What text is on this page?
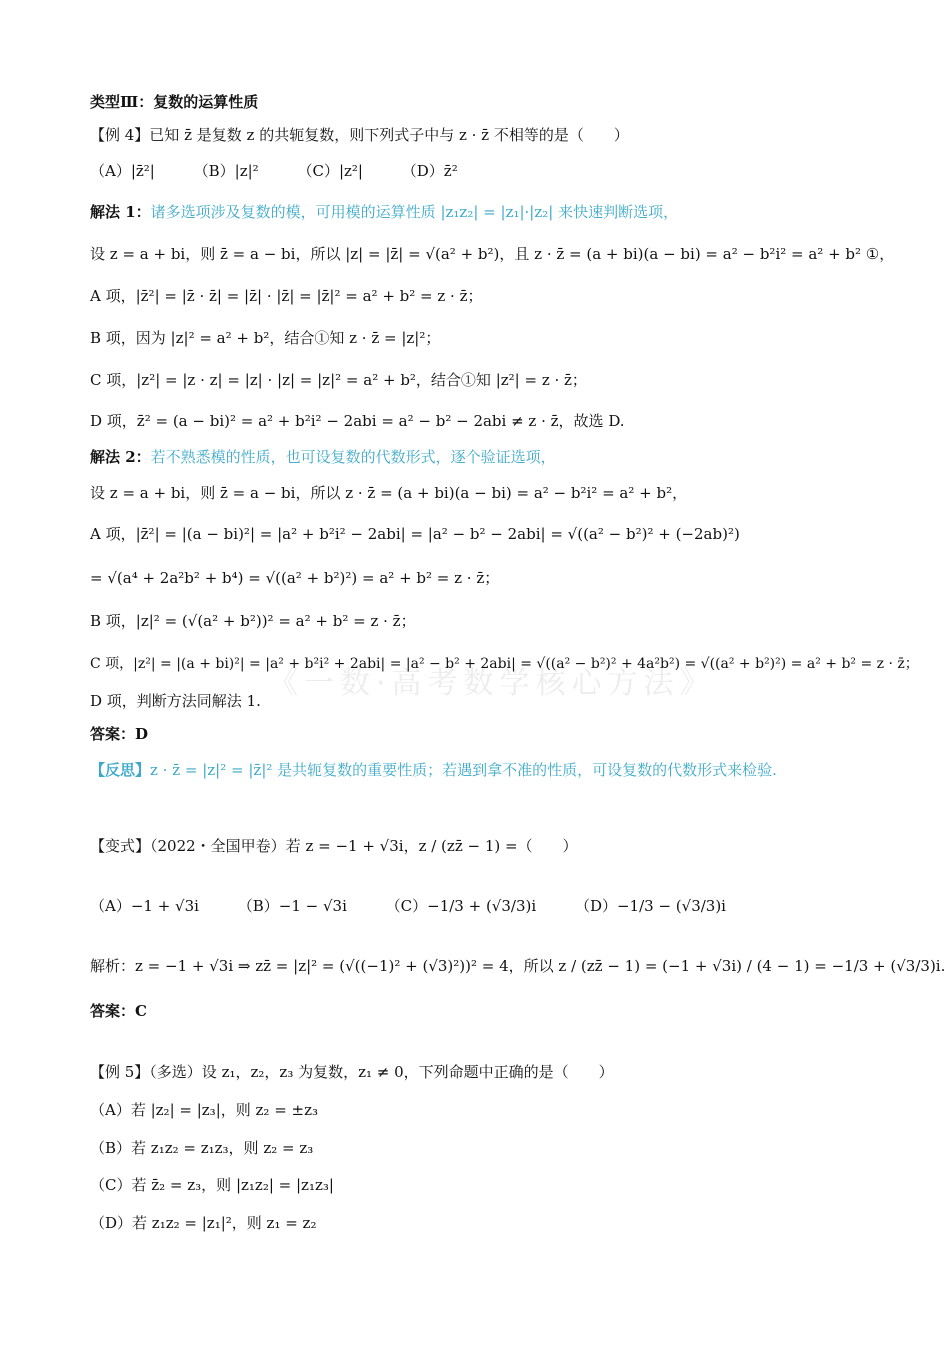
《一数·高考数学核心方法》
类型Ⅲ：复数的运算性质
【例 4】已知 z̄ 是复数 z 的共轭复数，则下列式子中与 z · z̄ 不相等的是（　　）
（A）|z̄²|	（B）|z|²	（C）|z²|	（D）z̄²
解法 1：诸多选项涉及复数的模，可用模的运算性质 |z₁z₂| = |z₁|·|z₂| 来快速判断选项，
设 z = a + bi，则 z̄ = a − bi，所以 |z| = |z̄| = √(a² + b²)，且 z · z̄ = (a + bi)(a − bi) = a² − b²i² = a² + b² ①，
A 项，|z̄²| = |z̄ · z̄| = |z̄| · |z̄| = |z̄|² = a² + b² = z · z̄；
B 项，因为 |z|² = a² + b²，结合①知 z · z̄ = |z|²；
C 项，|z²| = |z · z| = |z| · |z| = |z|² = a² + b²，结合①知 |z²| = z · z̄；
D 项，z̄² = (a − bi)² = a² + b²i² − 2abi = a² − b² − 2abi ≠ z · z̄，故选 D.
解法 2：若不熟悉模的性质，也可设复数的代数形式，逐个验证选项，
设 z = a + bi，则 z̄ = a − bi，所以 z · z̄ = (a + bi)(a − bi) = a² − b²i² = a² + b²，
A 项，|z̄²| = |(a − bi)²| = |a² + b²i² − 2abi| = |a² − b² − 2abi| = √((a² − b²)² + (−2ab)²)
= √(a⁴ + 2a²b² + b⁴) = √((a² + b²)²) = a² + b² = z · z̄；
B 项，|z|² = (√(a² + b²))² = a² + b² = z · z̄；
C 项，|z²| = |(a + bi)²| = |a² + b²i² + 2abi| = |a² − b² + 2abi| = √((a² − b²)² + 4a²b²) = √((a² + b²)²) = a² + b² = z · z̄；
D 项，判断方法同解法 1.
答案：D
【反思】z · z̄ = |z|² = |z̄|² 是共轭复数的重要性质；若遇到拿不准的性质，可设复数的代数形式来检验.
【变式】（2022・全国甲卷）若 z = −1 + √3i，z / (zz̄ − 1) =（　　）
（A）−1 + √3i	（B）−1 − √3i	（C）−1/3 + (√3/3)i	（D）−1/3 − (√3/3)i
解析：z = −1 + √3i ⇒ zz̄ = |z|² = (√((−1)² + (√3)²))² = 4，所以 z / (zz̄ − 1) = (−1 + √3i) / (4 − 1) = −1/3 + (√3/3)i.
答案：C
【例 5】（多选）设 z₁，z₂，z₃ 为复数，z₁ ≠ 0，下列命题中正确的是（　　）
（A）若 |z₂| = |z₃|，则 z₂ = ±z₃
（B）若 z₁z₂ = z₁z₃，则 z₂ = z₃
（C）若 z̄₂ = z₃，则 |z₁z₂| = |z₁z₃|
（D）若 z₁z₂ = |z₁|²，则 z₁ = z₂
